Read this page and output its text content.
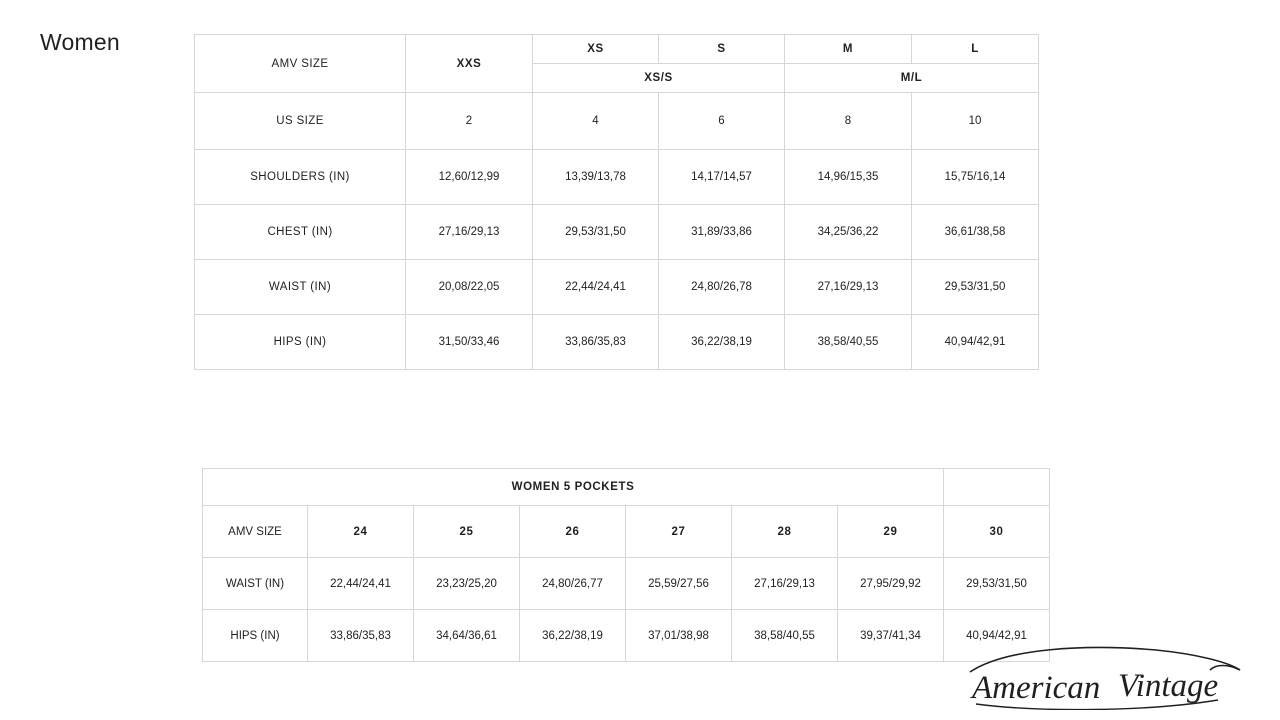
Women
AMV SIZE	XXS	XS	S	M	L
		XS/S		M/L	
US SIZE	2	4	6	8	10
SHOULDERS (IN)	12,60/12,99	13,39/13,78	14,17/14,57	14,96/15,35	15,75/16,14
CHEST (IN)	27,16/29,13	29,53/31,50	31,89/33,86	34,25/36,22	36,61/38,58
WAIST (IN)	20,08/22,05	22,44/24,41	24,80/26,78	27,16/29,13	29,53/31,50
HIPS (IN)	31,50/33,46	33,86/35,83	36,22/38,19	38,58/40,55	40,94/42,91
WOMEN 5 POCKETS							
AMV SIZE	24	25	26	27	28	29	30
WAIST (IN)	22,44/24,41	23,23/25,20	24,80/26,77	25,59/27,56	27,16/29,13	27,95/29,92	29,53/31,50
HIPS (IN)	33,86/35,83	34,64/36,61	36,22/38,19	37,01/38,98	38,58/40,55	39,37/41,34	40,94/42,91
American Vintage
